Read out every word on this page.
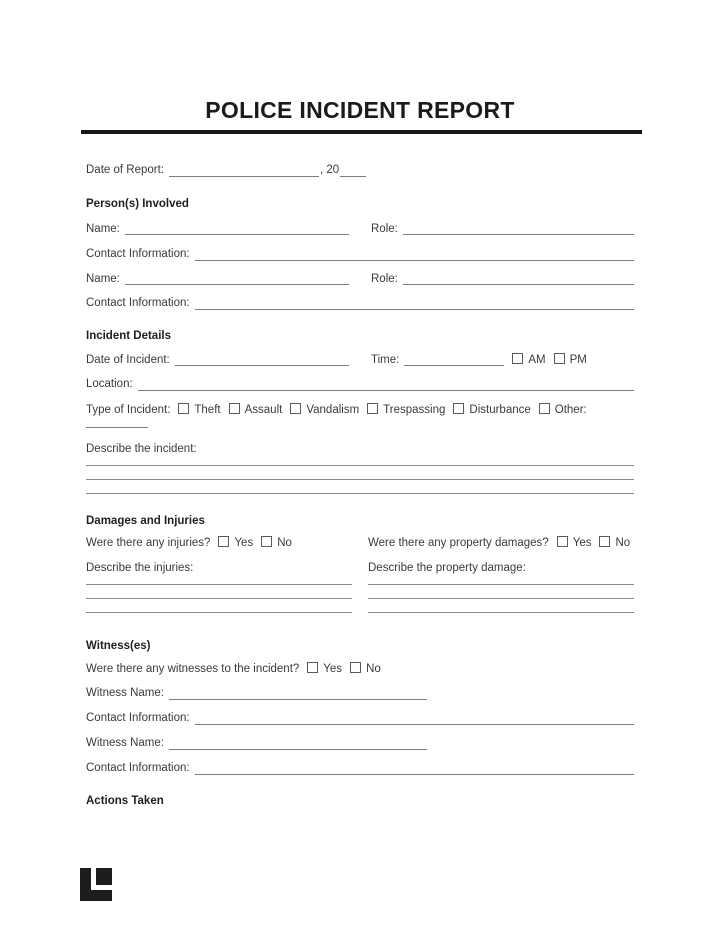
POLICE INCIDENT REPORT
Date of Report:	, 20
Person(s) Involved
Name:	Role:
Contact Information:
Name:	Role:
Contact Information:
Incident Details
Date of Incident:	Time:	AM	PM
Location:
Type of Incident:	Theft	Assault	Vandalism	Trespassing	Disturbance	Other:
Describe the incident:
Damages and Injuries
Were there any injuries?	Yes	No
Describe the injuries:
Were there any property damages?	Yes	No
Describe the property damage:
Witness(es)
Were there any witnesses to the incident?	Yes	No
Witness Name:
Contact Information:
Witness Name:
Contact Information:
Actions Taken
